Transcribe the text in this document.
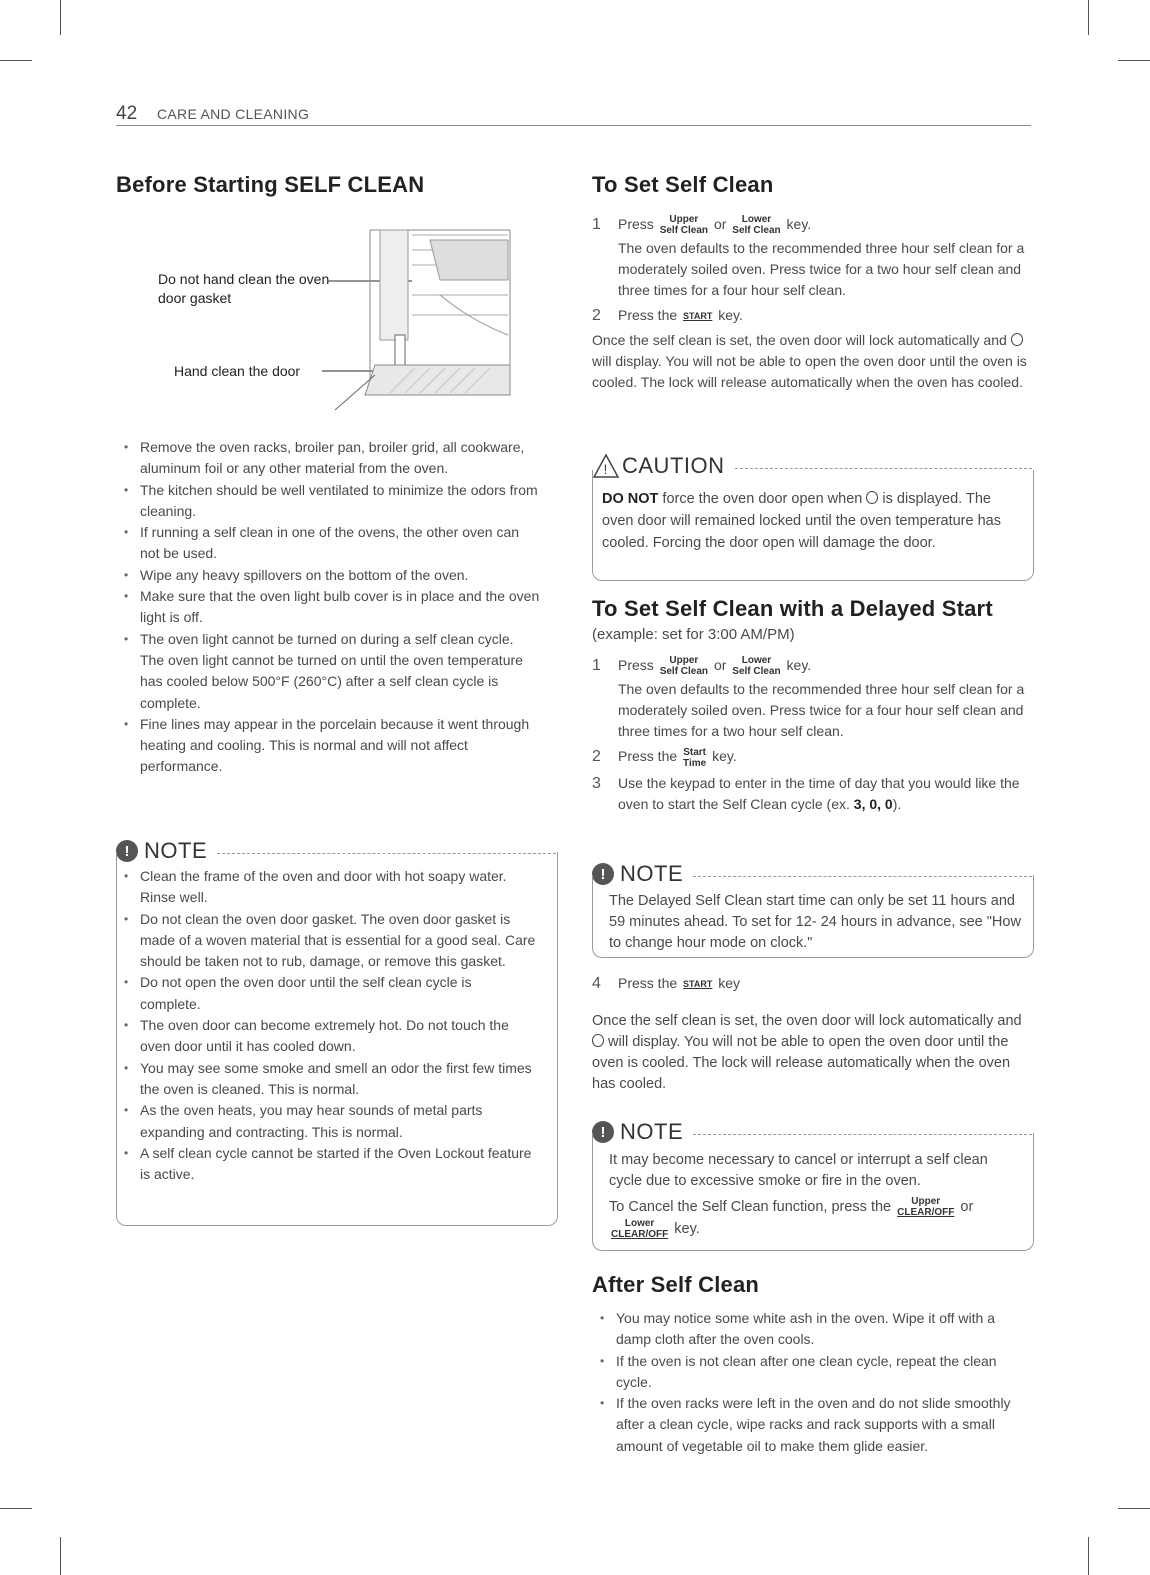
42 CARE AND CLEANING
Before Starting SELF CLEAN
Do not hand clean the oven door gasket
Hand clean the door
• Remove the oven racks, broiler pan, broiler grid, all cookware, aluminum foil or any other material from the oven.
• The kitchen should be well ventilated to minimize the odors from cleaning.
• If running a self clean in one of the ovens, the other oven can not be used.
• Wipe any heavy spillovers on the bottom of the oven.
• Make sure that the oven light bulb cover is in place and the oven light is off.
• The oven light cannot be turned on during a self clean cycle. The oven light cannot be turned on until the oven temperature has cooled below 500°F (260°C) after a self clean cycle is complete.
• Fine lines may appear in the porcelain because it went through heating and cooling. This is normal and will not affect performance.
! NOTE
• Clean the frame of the oven and door with hot soapy water. Rinse well.
• Do not clean the oven door gasket. The oven door gasket is made of a woven material that is essential for a good seal. Care should be taken not to rub, damage, or remove this gasket.
• Do not open the oven door until the self clean cycle is complete.
• The oven door can become extremely hot. Do not touch the oven door until it has cooled down.
• You may see some smoke and smell an odor the first few times the oven is cleaned. This is normal.
• As the oven heats, you may hear sounds of metal parts expanding and contracting. This is normal.
• A self clean cycle cannot be started if the Oven Lockout feature is active.
To Set Self Clean
1 Press Upper
Self Clean or Lower
Self Clean key.
The oven defaults to the recommended three hour self clean for a moderately soiled oven. Press twice for a two hour self clean and three times for a four hour self clean.
2 Press the START key.
Once the self clean is set, the oven door will lock automatically and  will display. You will not be able to open the oven door until the oven is cooled. The lock will release automatically when the oven has cooled.
! CAUTION
DO NOT force the oven door open when is displayed. The oven door will remained locked until the oven temperature has cooled. Forcing the door open will damage the door.
To Set Self Clean with a Delayed Start
(example: set for 3:00 AM/PM)
1 Press Upper
Self Clean or Lower
Self Clean key.
The oven defaults to the recommended three hour self clean for a moderately soiled oven. Press twice for a four hour self clean and three times for a two hour self clean.
2 Press the Start
Time key.
3 Use the keypad to enter in the time of day that you would like the oven to start the Self Clean cycle (ex. 3, 0, 0).
! NOTE
The Delayed Self Clean start time can only be set 11 hours and 59 minutes ahead. To set for 12- 24 hours in advance, see "How to change hour mode on clock."
4 Press the START key
Once the self clean is set, the oven door will lock automatically and  will display. You will not be able to open the oven door until the oven is cooled. The lock will release automatically when the oven has cooled.
! NOTE
It may become necessary to cancel or interrupt a self clean cycle due to excessive smoke or fire in the oven.
To Cancel the Self Clean function, press the Upper
CLEAR/OFF or
Lower
CLEAR/OFF key.
After Self Clean
• You may notice some white ash in the oven. Wipe it off with a damp cloth after the oven cools.
• If the oven is not clean after one clean cycle, repeat the clean cycle.
• If the oven racks were left in the oven and do not slide smoothly after a clean cycle, wipe racks and rack supports with a small amount of vegetable oil to make them glide easier.
